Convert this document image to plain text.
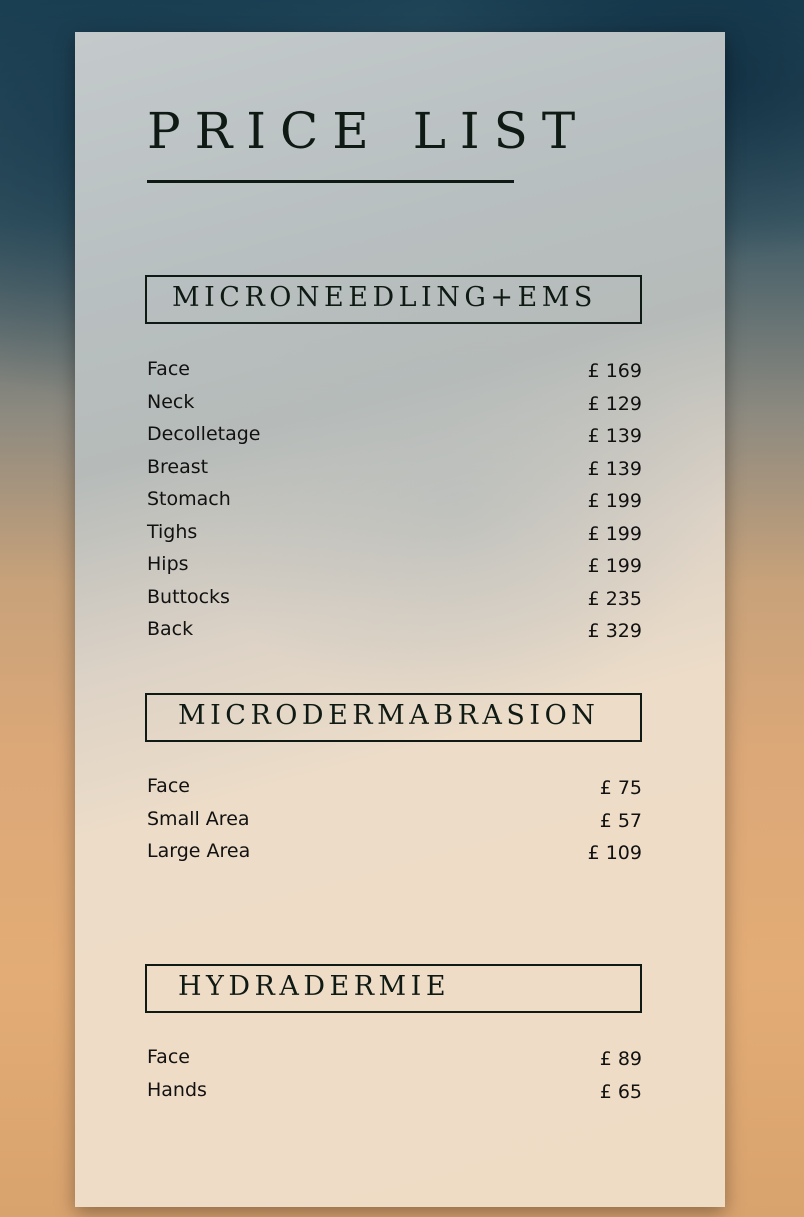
PRICE LIST
MICRONEEDLING+EMS
Face	£ 169
Neck	£ 129
Decolletage	£ 139
Breast	£ 139
Stomach	£ 199
Tighs	£ 199
Hips	£ 199
Buttocks	£ 235
Back	£ 329
MICRODERMABRASION
Face	£ 75
Small Area	£ 57
Large Area	£ 109
HYDRADERMIE
Face	£ 89
Hands	£ 65
